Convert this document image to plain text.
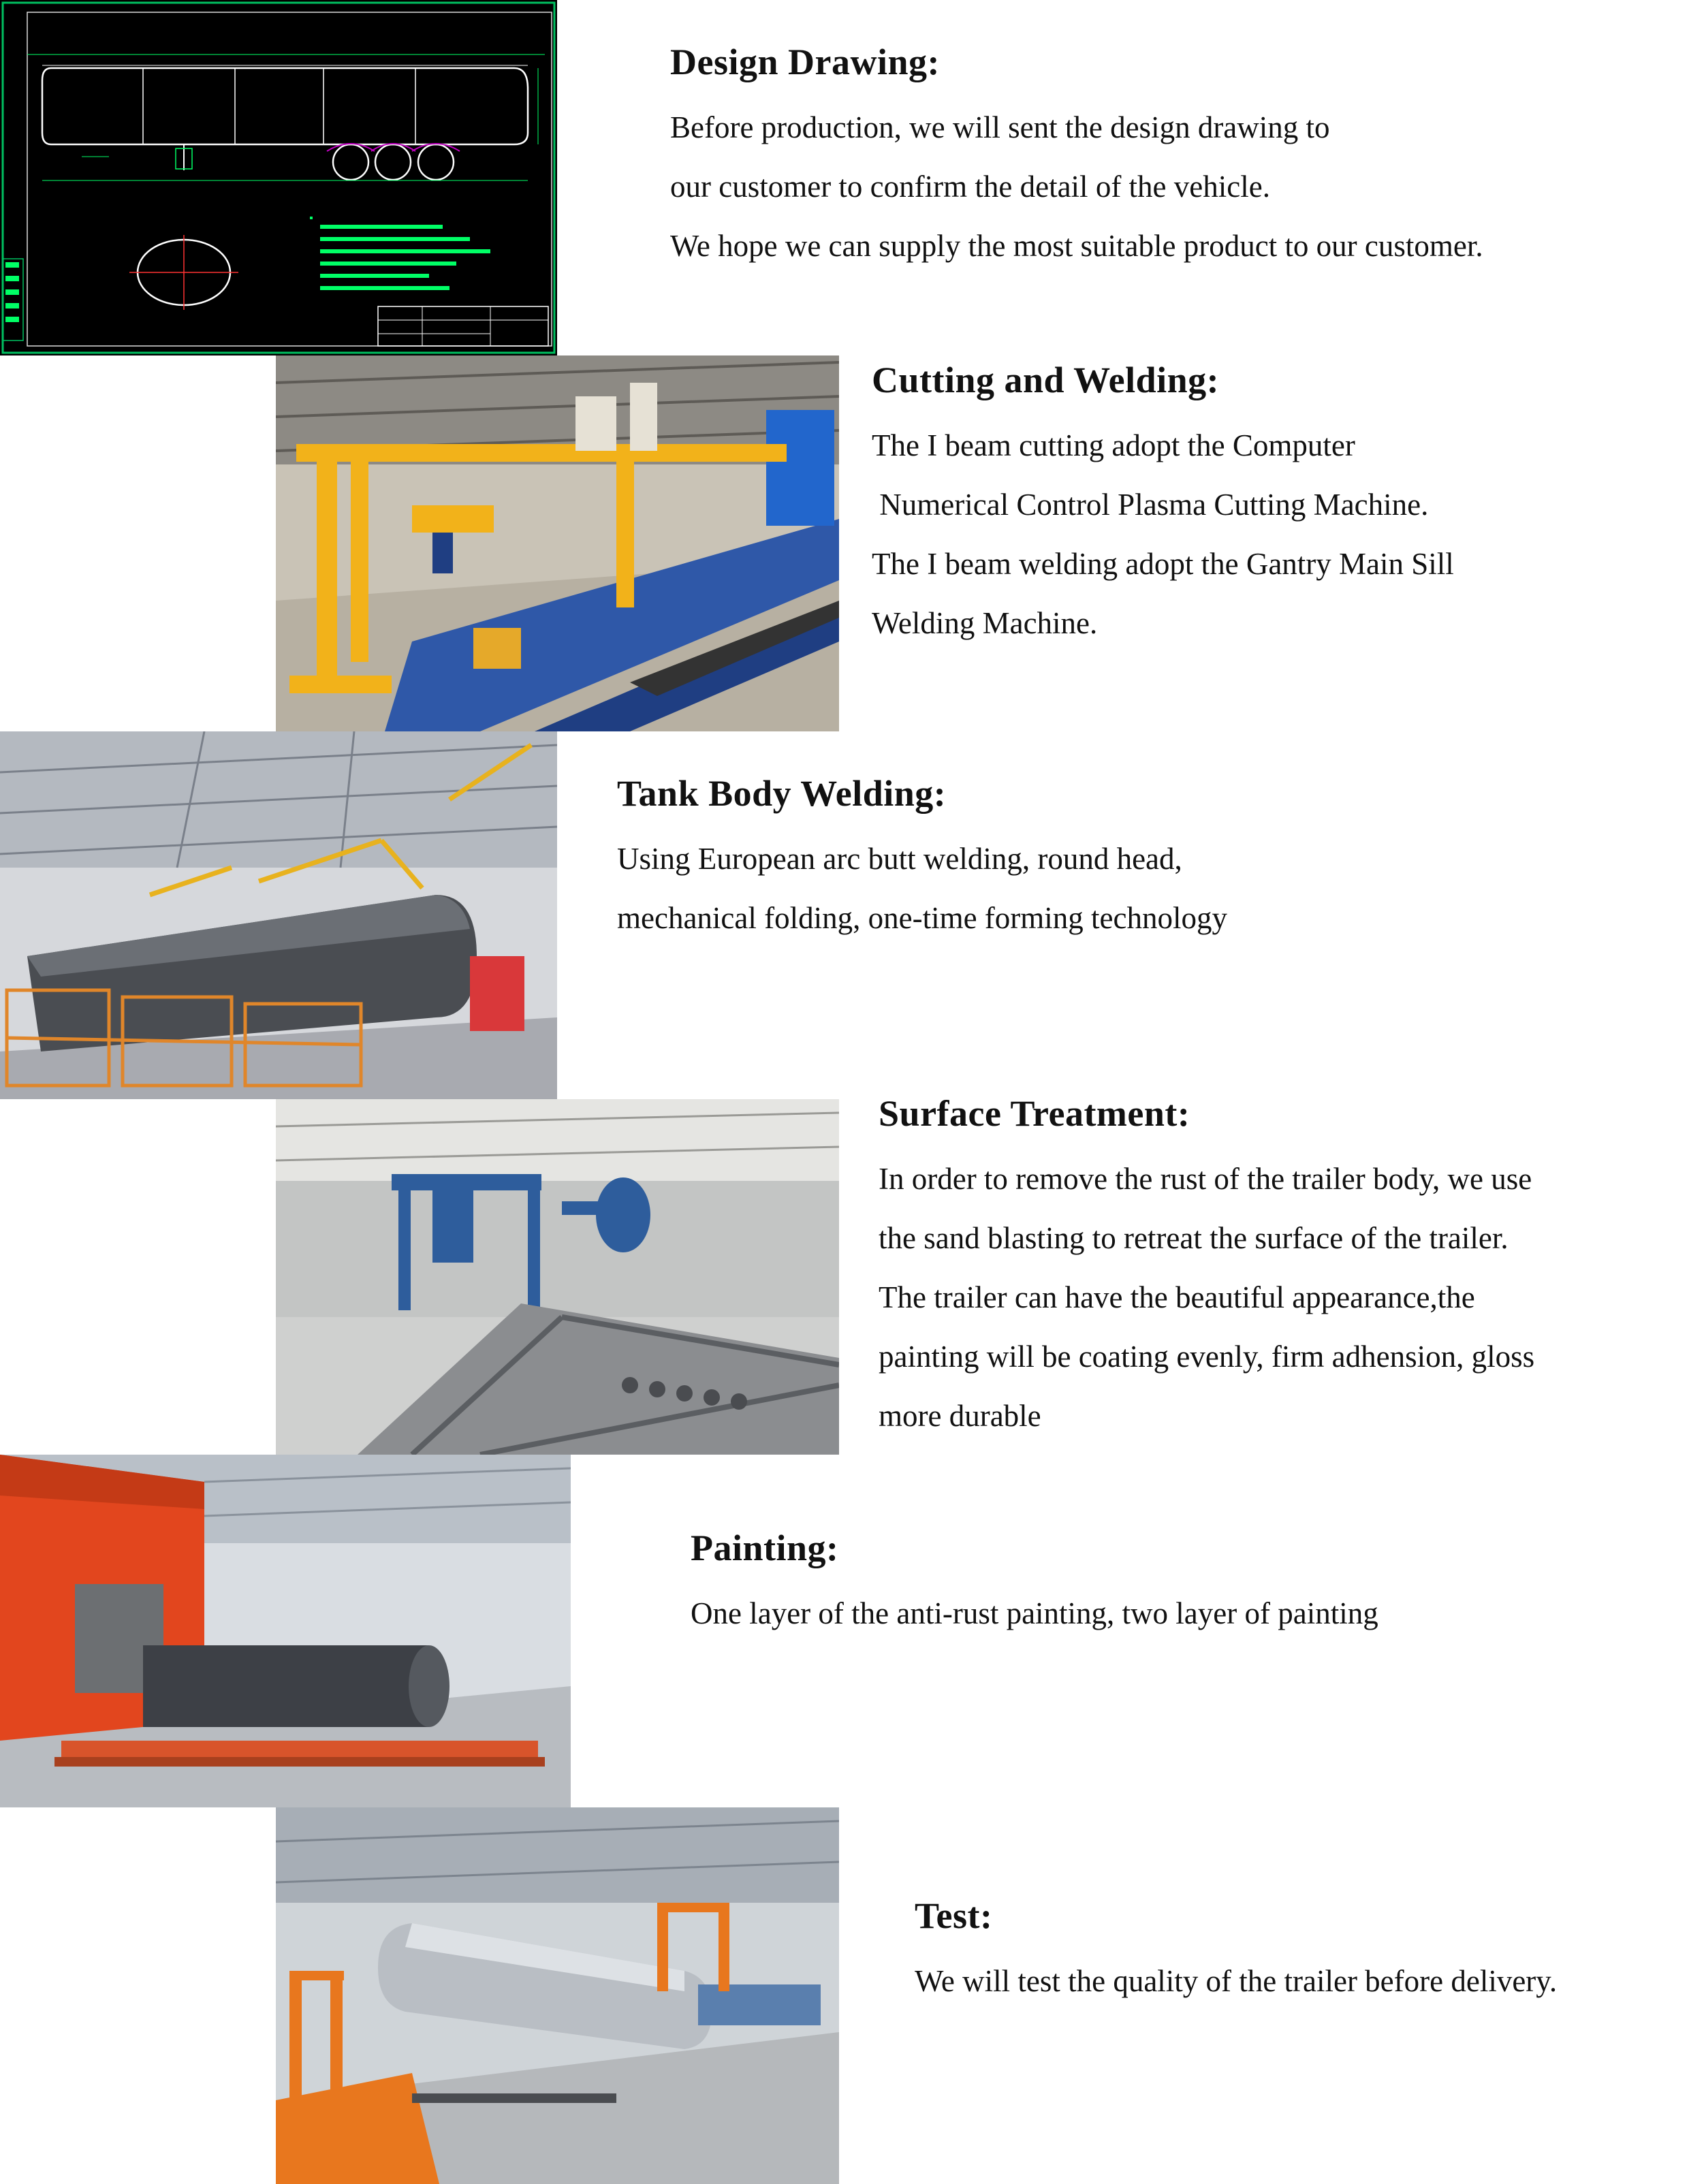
Design Drawing:
Before production, we will sent the design drawing to
our customer to confirm the detail of the vehicle.
We hope we can supply the most suitable product to our customer.
Cutting and Welding:
The I beam cutting adopt the Computer
Numerical Control Plasma Cutting Machine.
The I beam welding adopt the Gantry Main Sill
Welding Machine.
Tank Body Welding:
Using European arc butt welding, round head,
mechanical folding, one-time forming technology
Surface Treatment:
In order to remove the rust of the trailer body, we use
the sand blasting to retreat the surface of the trailer.
The trailer can have the beautiful appearance,the
painting will be coating evenly, firm adhension, gloss
more durable
Painting:
One layer of the anti-rust painting, two layer of painting
Test:
We will test the quality of the trailer before delivery.
